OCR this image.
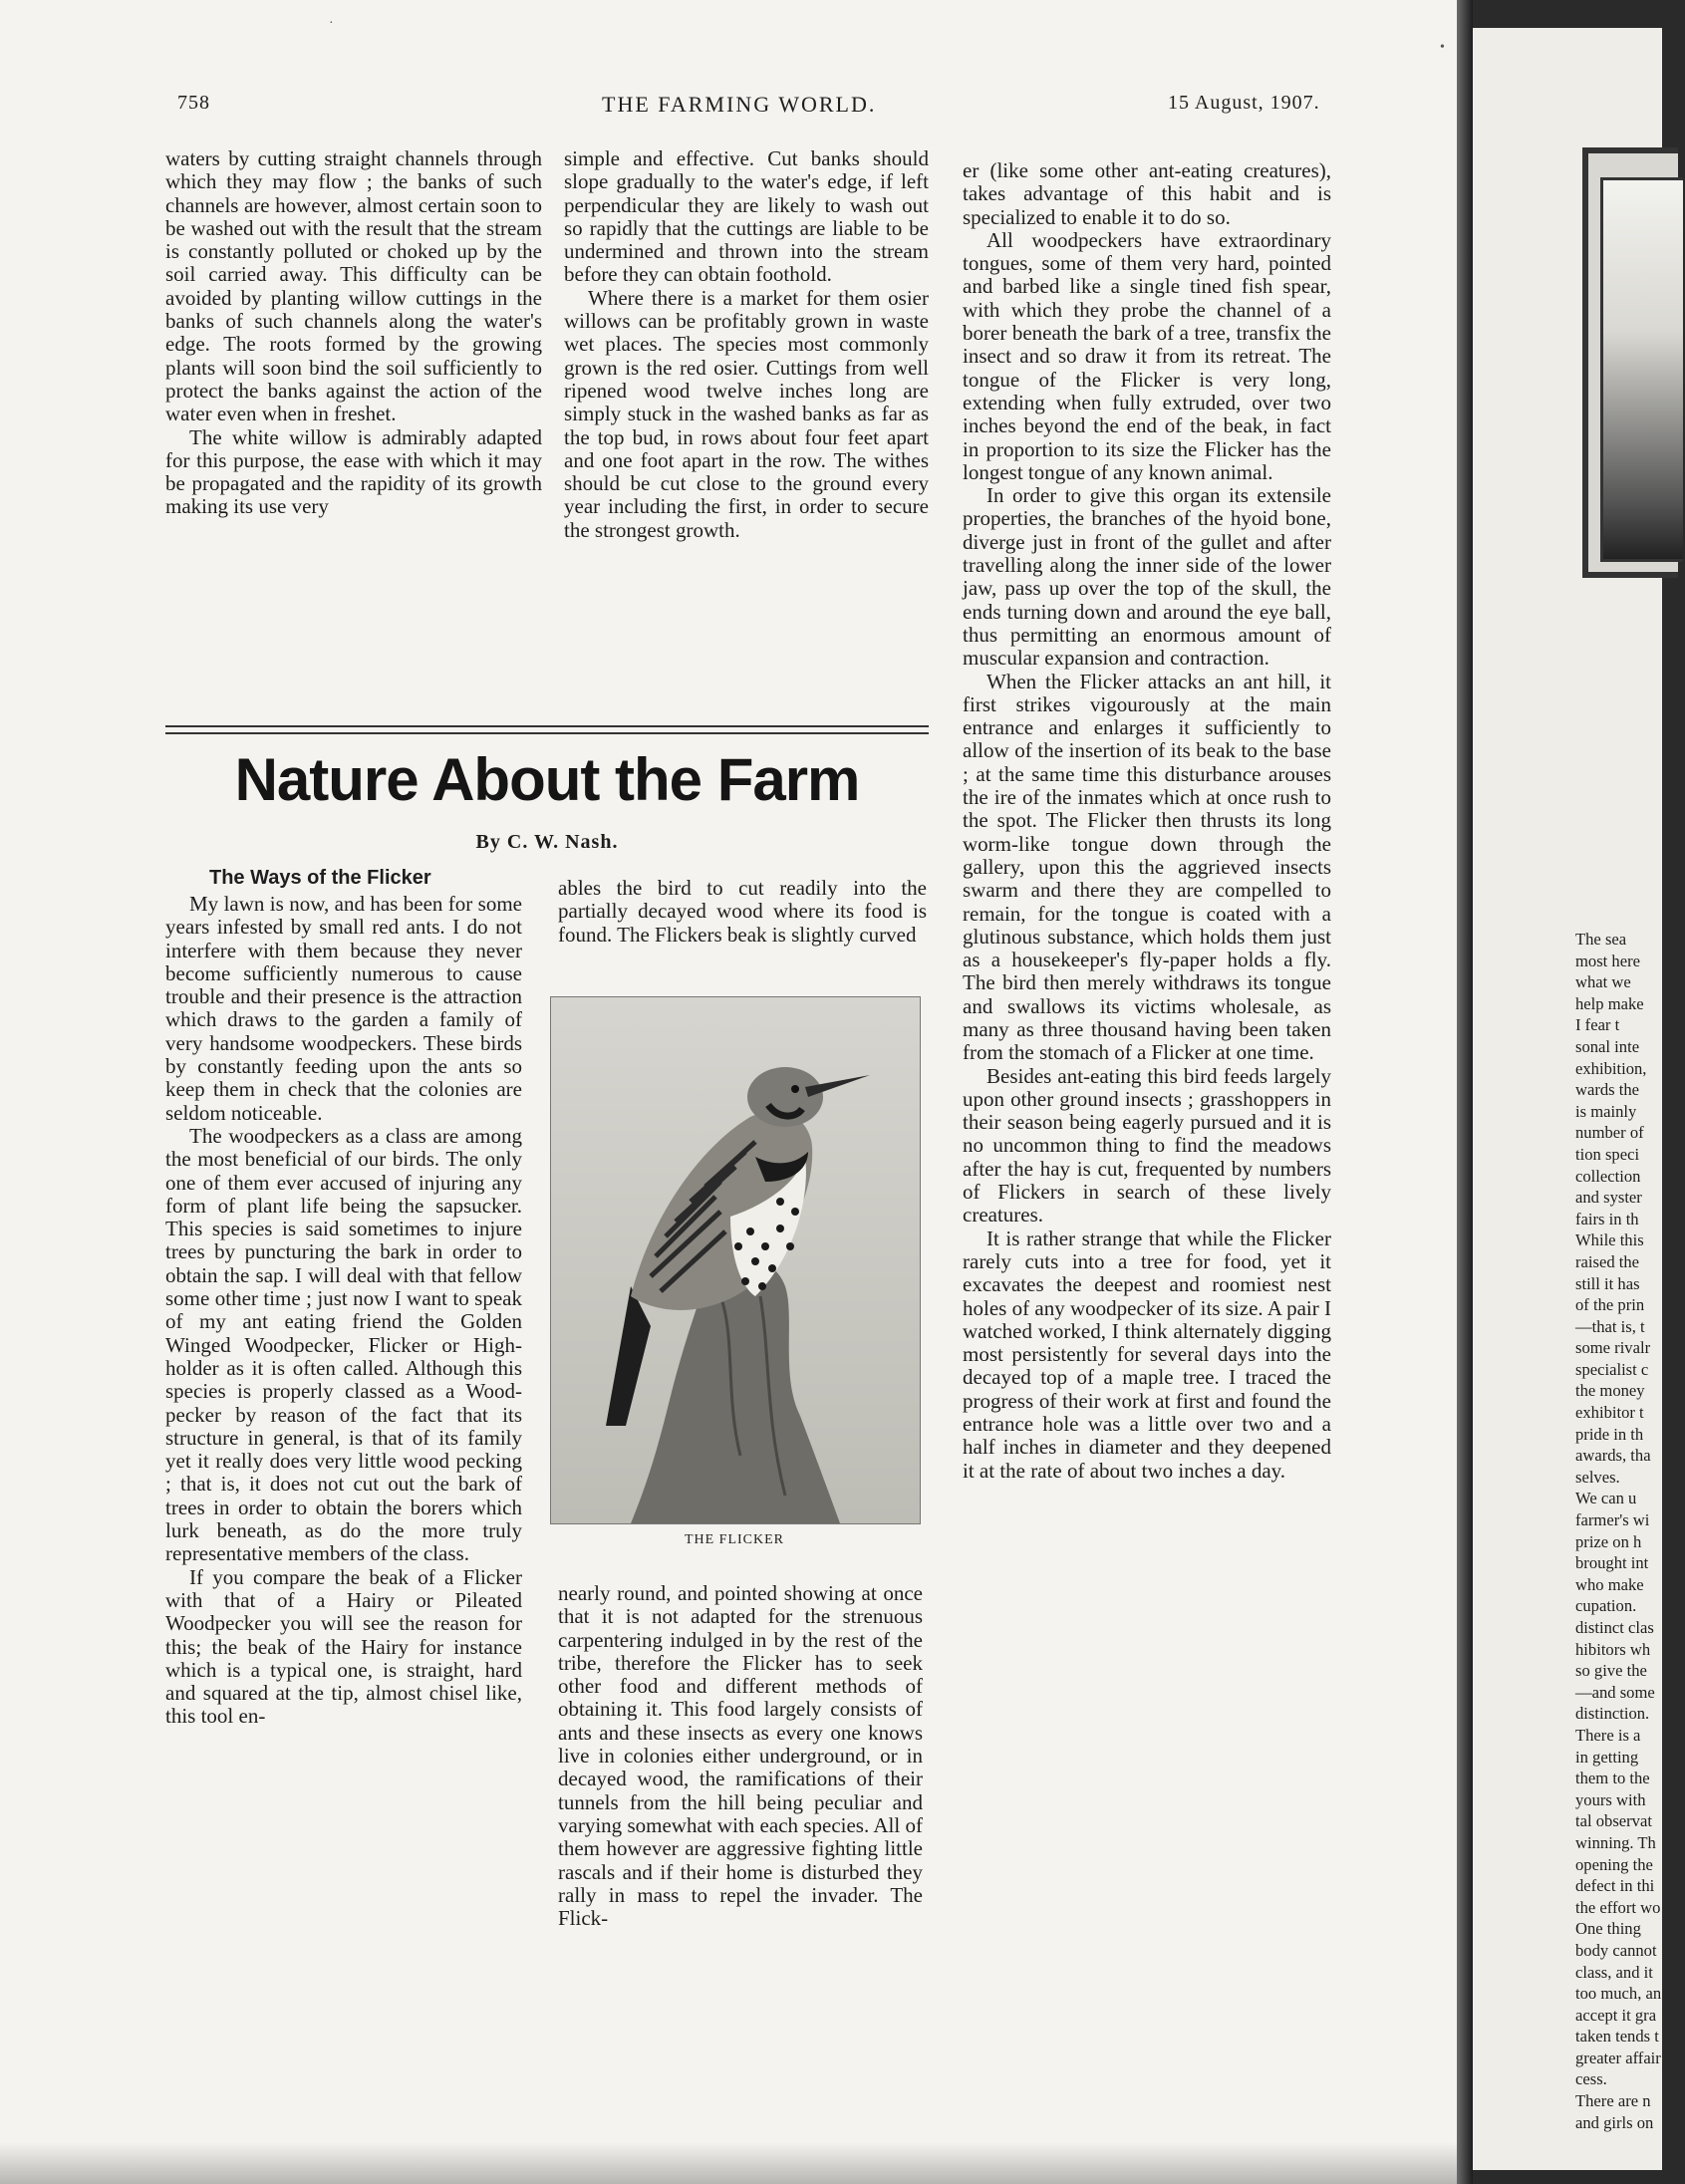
The sea
most here
what we
help make
I fear t
sonal inte
exhibition,
wards the
is mainly
number of
tion speci
collection
and syster
fairs in th
While this
raised the
still it has
of the prin
—that is, t
some rivalr
specialist c
the money
exhibitor t
pride in th
awards, tha
selves.
We can u
farmer's wi
prize on h
brought int
who make
cupation.
distinct clas
hibitors wh
so give the
—and some
distinction.
There is a
in getting
them to the
yours with
tal observat
winning. Th
opening the
defect in thi
the effort wo
One thing
body cannot
class, and it
too much, an
accept it gra
taken tends t
greater affair
cess.
There are n
and girls on
·
•
758	THE FARMING WORLD.	15 August, 1907.

waters by cutting straight channels through which they may flow ; the banks of such channels are however, almost certain soon to be washed out with the result that the stream is constantly polluted or choked up by the soil carried away. This difficulty can be avoided by planting willow cuttings in the banks of such channels along the water's edge. The roots formed by the growing plants will soon bind the soil sufficiently to protect the banks against the action of the water even when in freshet.

The white willow is admirably adapted for this purpose, the ease with which it may be propagated and the rapidity of its growth making its use very

simple and effective. Cut banks should slope gradually to the water's edge, if left perpendicular they are likely to wash out so rapidly that the cuttings are liable to be undermined and thrown into the stream before they can obtain foothold.

Where there is a market for them osier willows can be profitably grown in waste wet places. The species most commonly grown is the red osier. Cuttings from well ripened wood twelve inches long are simply stuck in the washed banks as far as the top bud, in rows about four feet apart and one foot apart in the row. The withes should be cut close to the ground every year including the first, in order to secure the strongest growth.

Nature About the Farm
By C. W. Nash.
The Ways of the Flicker

My lawn is now, and has been for some years infested by small red ants. I do not interfere with them because they never become sufficiently numerous to cause trouble and their presence is the attraction which draws to the garden a family of very handsome woodpeckers. These birds by constantly feeding upon the ants so keep them in check that the colonies are seldom noticeable.

The woodpeckers as a class are among the most beneficial of our birds. The only one of them ever accused of injuring any form of plant life being the sapsucker. This species is said sometimes to injure trees by puncturing the bark in order to obtain the sap. I will deal with that fellow some other time ; just now I want to speak of my ant eating friend the Golden Winged Woodpecker, Flicker or High-holder as it is often called. Although this species is properly classed as a Wood-pecker by reason of the fact that its structure in general, is that of its family yet it really does very little wood pecking ; that is, it does not cut out the bark of trees in order to obtain the borers which lurk beneath, as do the more truly representative members of the class.

If you compare the beak of a Flicker with that of a Hairy or Pileated Woodpecker you will see the reason for this; the beak of the Hairy for instance which is a typical one, is straight, hard and squared at the tip, almost chisel like, this tool en-

ables the bird to cut readily into the partially decayed wood where its food is found. The Flickers beak is slightly curved

THE FLICKER

nearly round, and pointed showing at once that it is not adapted for the strenuous carpentering indulged in by the rest of the tribe, therefore the Flicker has to seek other food and different methods of obtaining it. This food largely consists of ants and these insects as every one knows live in colonies either underground, or in decayed wood, the ramifications of their tunnels from the hill being peculiar and varying somewhat with each species. All of them however are aggressive fighting little rascals and if their home is disturbed they rally in mass to repel the invader. The Flick-

er (like some other ant-eating creatures), takes advantage of this habit and is specialized to enable it to do so.

All woodpeckers have extraordinary tongues, some of them very hard, pointed and barbed like a single tined fish spear, with which they probe the channel of a borer beneath the bark of a tree, transfix the insect and so draw it from its retreat. The tongue of the Flicker is very long, extending when fully extruded, over two inches beyond the end of the beak, in fact in proportion to its size the Flicker has the longest tongue of any known animal.

In order to give this organ its extensile properties, the branches of the hyoid bone, diverge just in front of the gullet and after travelling along the inner side of the lower jaw, pass up over the top of the skull, the ends turning down and around the eye ball, thus permitting an enormous amount of muscular expansion and contraction.

When the Flicker attacks an ant hill, it first strikes vigourously at the main entrance and enlarges it sufficiently to allow of the insertion of its beak to the base ; at the same time this disturbance arouses the ire of the inmates which at once rush to the spot. The Flicker then thrusts its long worm-like tongue down through the gallery, upon this the aggrieved insects swarm and there they are compelled to remain, for the tongue is coated with a glutinous substance, which holds them just as a housekeeper's fly-paper holds a fly. The bird then merely withdraws its tongue and swallows its victims wholesale, as many as three thousand having been taken from the stomach of a Flicker at one time.

Besides ant-eating this bird feeds largely upon other ground insects ; grasshoppers in their season being eagerly pursued and it is no uncommon thing to find the meadows after the hay is cut, frequented by numbers of Flickers in search of these lively creatures.

It is rather strange that while the Flicker rarely cuts into a tree for food, yet it excavates the deepest and roomiest nest holes of any woodpecker of its size. A pair I watched worked, I think alternately digging most persistently for several days into the decayed top of a maple tree. I traced the progress of their work at first and found the entrance hole was a little over two and a half inches in diameter and they deepened it at the rate of about two inches a day.
